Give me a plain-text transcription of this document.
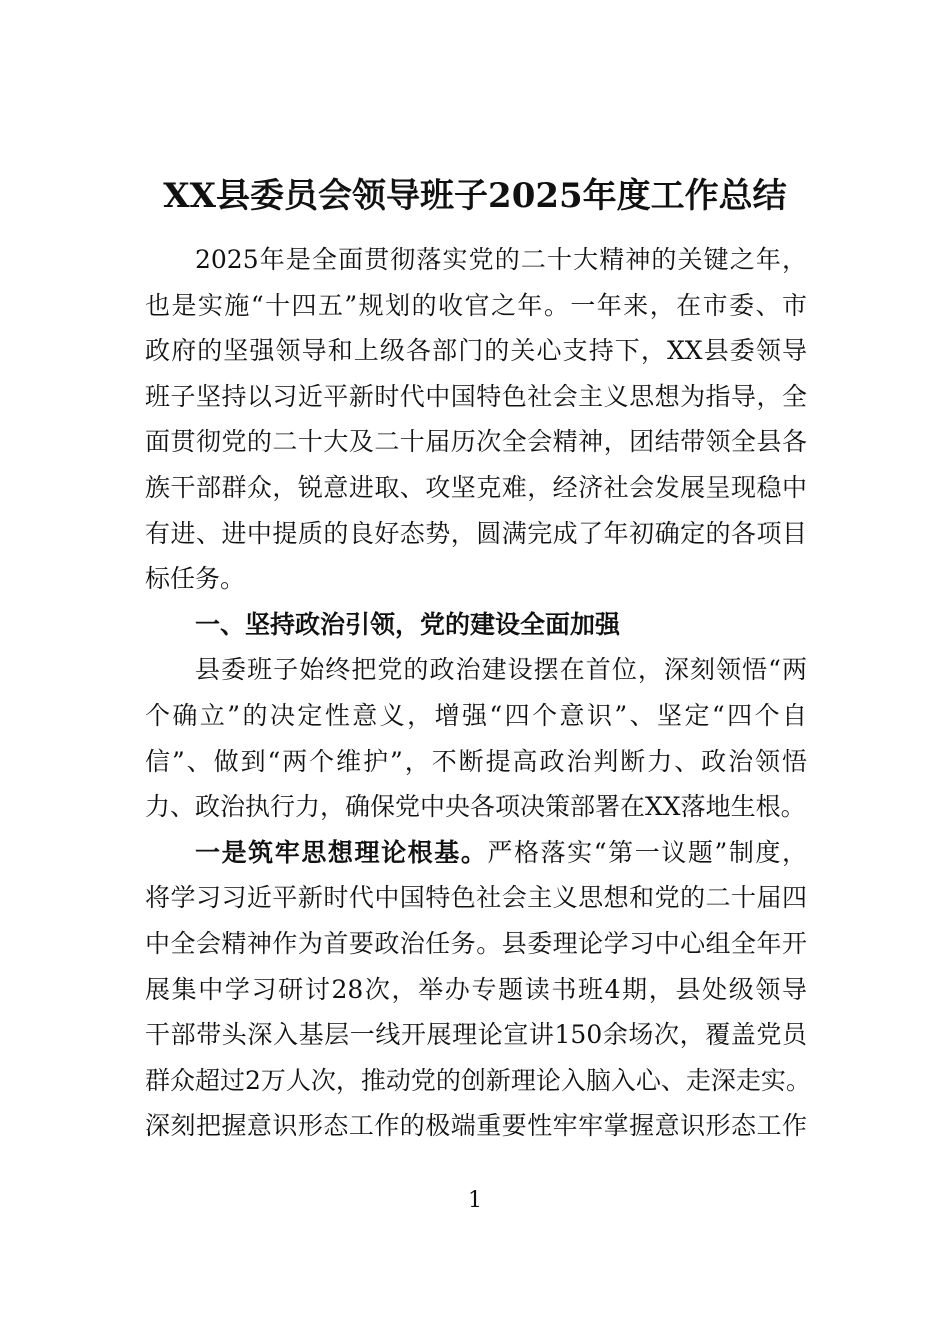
XX县委员会领导班子2025年度工作总结
2025年是全面贯彻落实党的二十大精神的关键之年，
也是实施“十四五”规划的收官之年。一年来，在市委、市
政府的坚强领导和上级各部门的关心支持下，XX县委领导
班子坚持以习近平新时代中国特色社会主义思想为指导，全
面贯彻党的二十大及二十届历次全会精神，团结带领全县各
族干部群众，锐意进取、攻坚克难，经济社会发展呈现稳中
有进、进中提质的良好态势，圆满完成了年初确定的各项目
标任务。
一、坚持政治引领，党的建设全面加强
县委班子始终把党的政治建设摆在首位，深刻领悟“两
个确立”的决定性意义，增强“四个意识”、坚定“四个自
信”、做到“两个维护”，不断提高政治判断力、政治领悟
力、政治执行力，确保党中央各项决策部署在XX落地生根。
一是筑牢思想理论根基。严格落实“第一议题”制度，
将学习习近平新时代中国特色社会主义思想和党的二十届四
中全会精神作为首要政治任务。县委理论学习中心组全年开
展集中学习研讨28次，举办专题读书班4期，县处级领导
干部带头深入基层一线开展理论宣讲150余场次，覆盖党员
群众超过2万人次，推动党的创新理论入脑入心、走深走实。
深刻把握意识形态工作的极端重要性牢牢掌握意识形态工作
1
